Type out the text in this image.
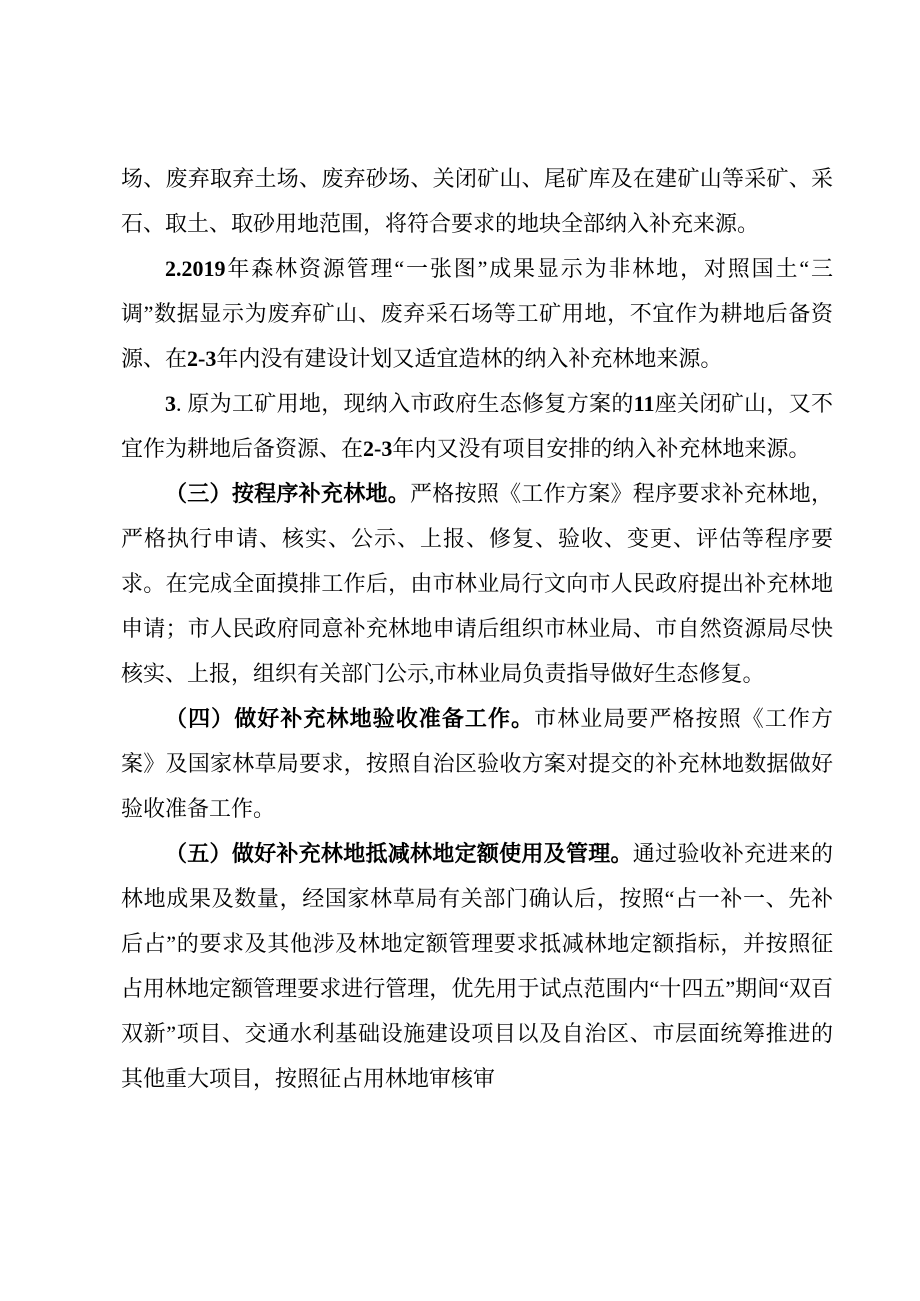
场、废弃取弃土场、废弃砂场、关闭矿山、尾矿库及在建矿山等采矿、采石、取土、取砂用地范围，将符合要求的地块全部纳入补充来源。

2.2019年森林资源管理“一张图”成果显示为非林地，对照国土“三调”数据显示为废弃矿山、废弃采石场等工矿用地，不宜作为耕地后备资源、在2-3年内没有建设计划又适宜造林的纳入补充林地来源。

3. 原为工矿用地，现纳入市政府生态修复方案的11座关闭矿山，又不宜作为耕地后备资源、在2-3年内又没有项目安排的纳入补充林地来源。

（三）按程序补充林地。严格按照《工作方案》程序要求补充林地，严格执行申请、核实、公示、上报、修复、验收、变更、评估等程序要求。在完成全面摸排工作后，由市林业局行文向市人民政府提出补充林地申请；市人民政府同意补充林地申请后组织市林业局、市自然资源局尽快核实、上报，组织有关部门公示,市林业局负责指导做好生态修复。

（四）做好补充林地验收准备工作。市林业局要严格按照《工作方案》及国家林草局要求，按照自治区验收方案对提交的补充林地数据做好验收准备工作。

（五）做好补充林地抵减林地定额使用及管理。通过验收补充进来的林地成果及数量，经国家林草局有关部门确认后，按照“占一补一、先补后占”的要求及其他涉及林地定额管理要求抵减林地定额指标，并按照征占用林地定额管理要求进行管理，优先用于试点范围内“十四五”期间“双百双新”项目、交通水利基础设施建设项目以及自治区、市层面统筹推进的其他重大项目，按照征占用林地审核审
